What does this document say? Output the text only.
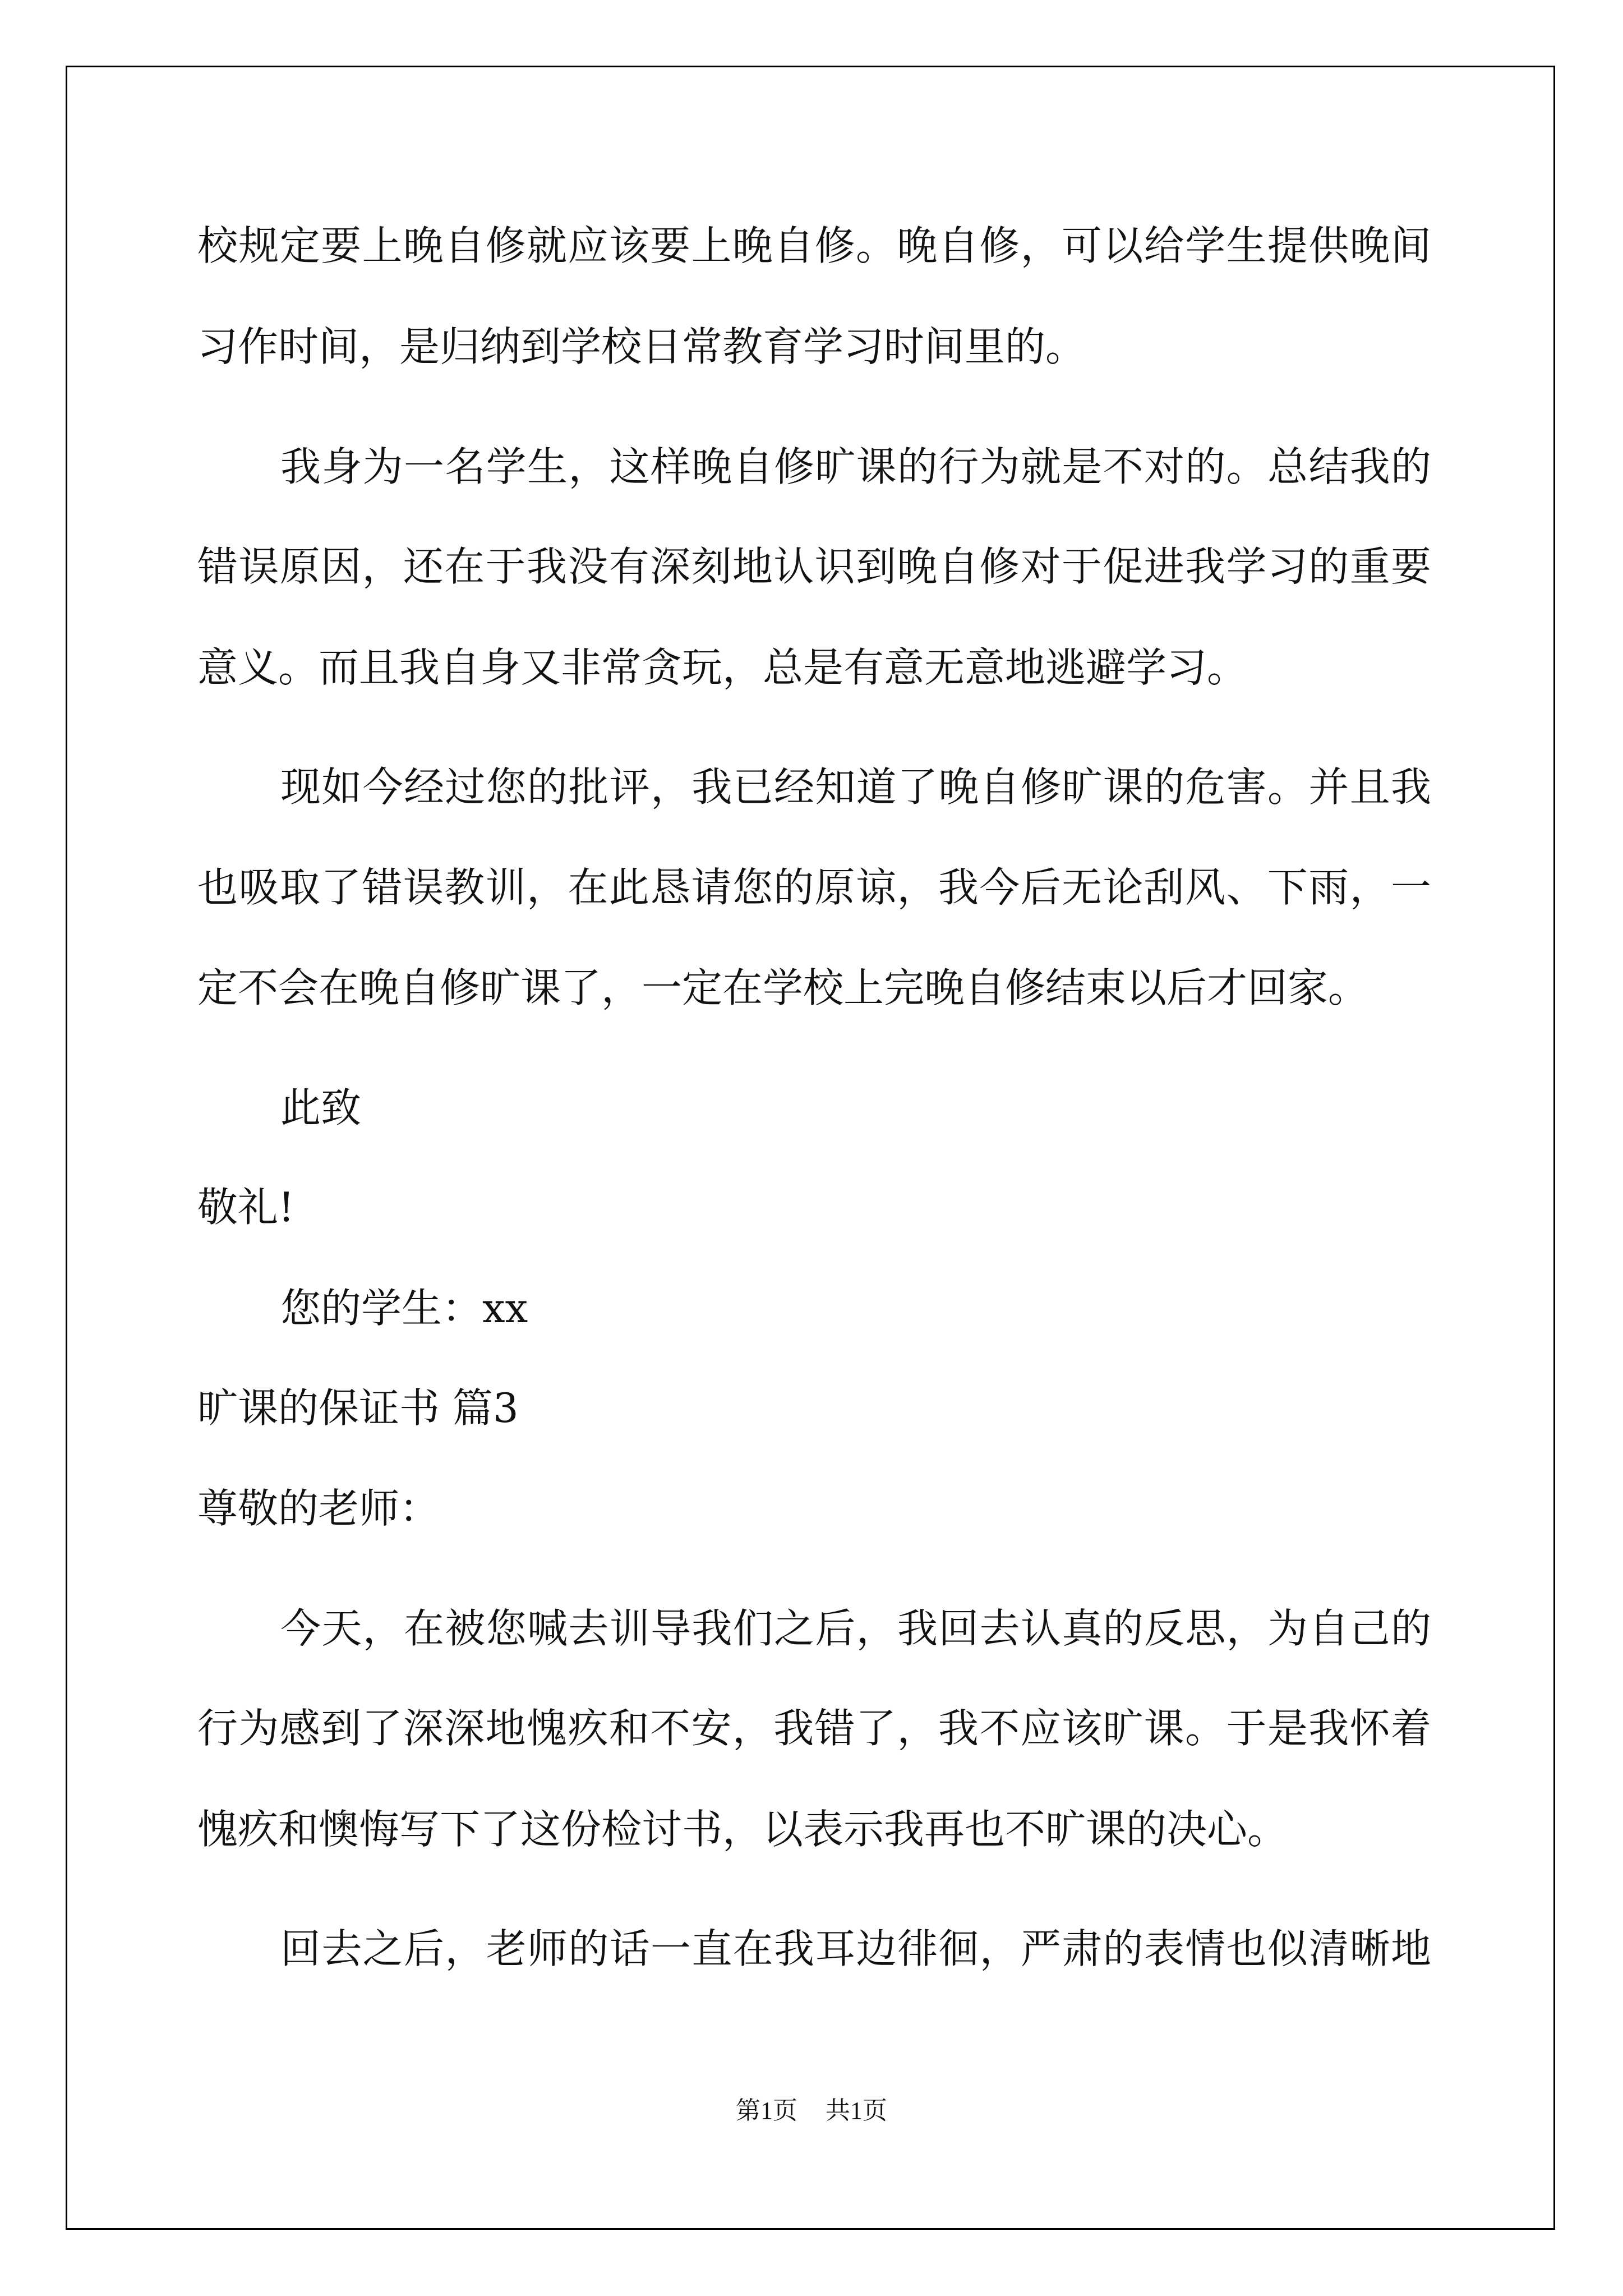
校规定要上晚自修就应该要上晚自修。晚自修，可以给学生提供晚间
习作时间，是归纳到学校日常教育学习时间里的。
我身为一名学生，这样晚自修旷课的行为就是不对的。总结我的
错误原因，还在于我没有深刻地认识到晚自修对于促进我学习的重要
意义。而且我自身又非常贪玩，总是有意无意地逃避学习。
现如今经过您的批评，我已经知道了晚自修旷课的危害。并且我
也吸取了错误教训，在此恳请您的原谅，我今后无论刮风、下雨，一
定不会在晚自修旷课了，一定在学校上完晚自修结束以后才回家。
此致
敬礼!
您的学生：xx
旷课的保证书 篇3
尊敬的老师：
今天，在被您喊去训导我们之后，我回去认真的反思，为自己的
行为感到了深深地愧疚和不安，我错了，我不应该旷课。于是我怀着
愧疚和懊悔写下了这份检讨书，以表示我再也不旷课的决心。
回去之后，老师的话一直在我耳边徘徊，严肃的表情也似清晰地
第1页 共1页
